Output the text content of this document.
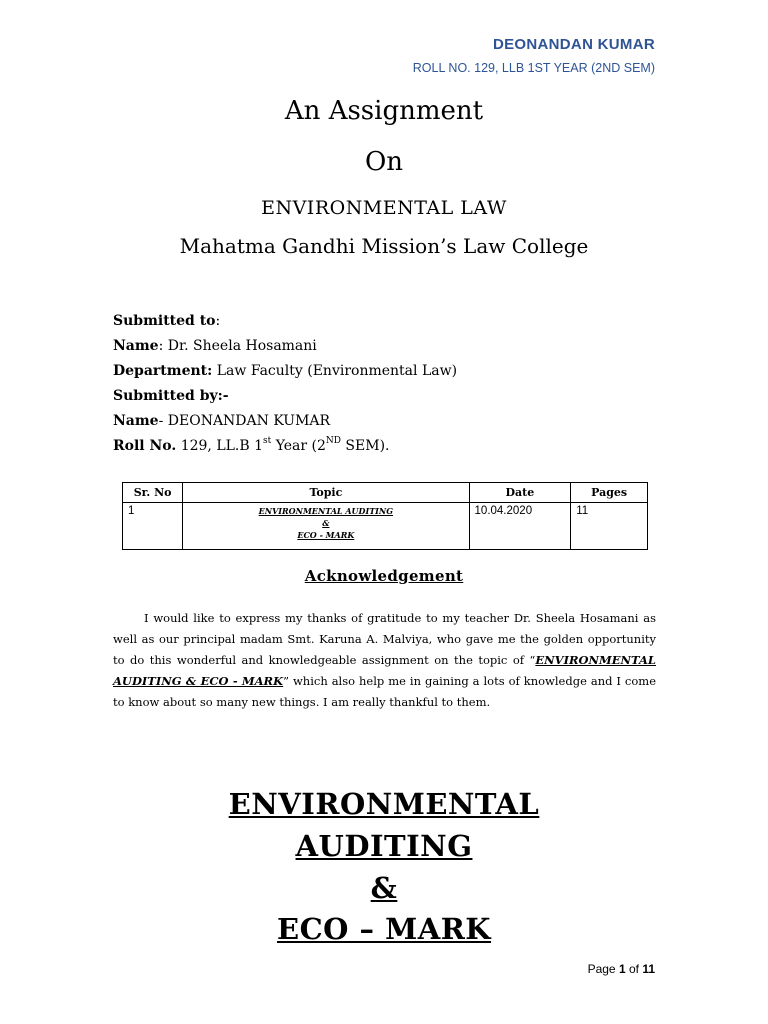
DEONANDAN KUMAR
ROLL NO. 129, LLB 1ST YEAR (2ND SEM)
An Assignment
On
ENVIRONMENTAL LAW
Mahatma Gandhi Mission’s Law College
Submitted to:
Name: Dr. Sheela Hosamani
Department: Law Faculty (Environmental Law)
Submitted by:-
Name- DEONANDAN KUMAR
Roll No. 129, LL.B 1st Year (2ND SEM).
Sr. No	Topic	Date	Pages
1	ENVIRONMENTAL AUDITING
&
ECO - MARK	10.04.2020	11
Acknowledgement
I would like to express my thanks of gratitude to my teacher Dr. Sheela Hosamani as well as our principal madam Smt. Karuna A. Malviya, who gave me the golden opportunity to do this wonderful and knowledgeable assignment on the topic of “ENVIRONMENTAL AUDITING & ECO - MARK” which also help me in gaining a lots of knowledge and I come to know about so many new things. I am really thankful to them.
ENVIRONMENTAL
AUDITING
&
ECO – MARK
Page 1 of 11
